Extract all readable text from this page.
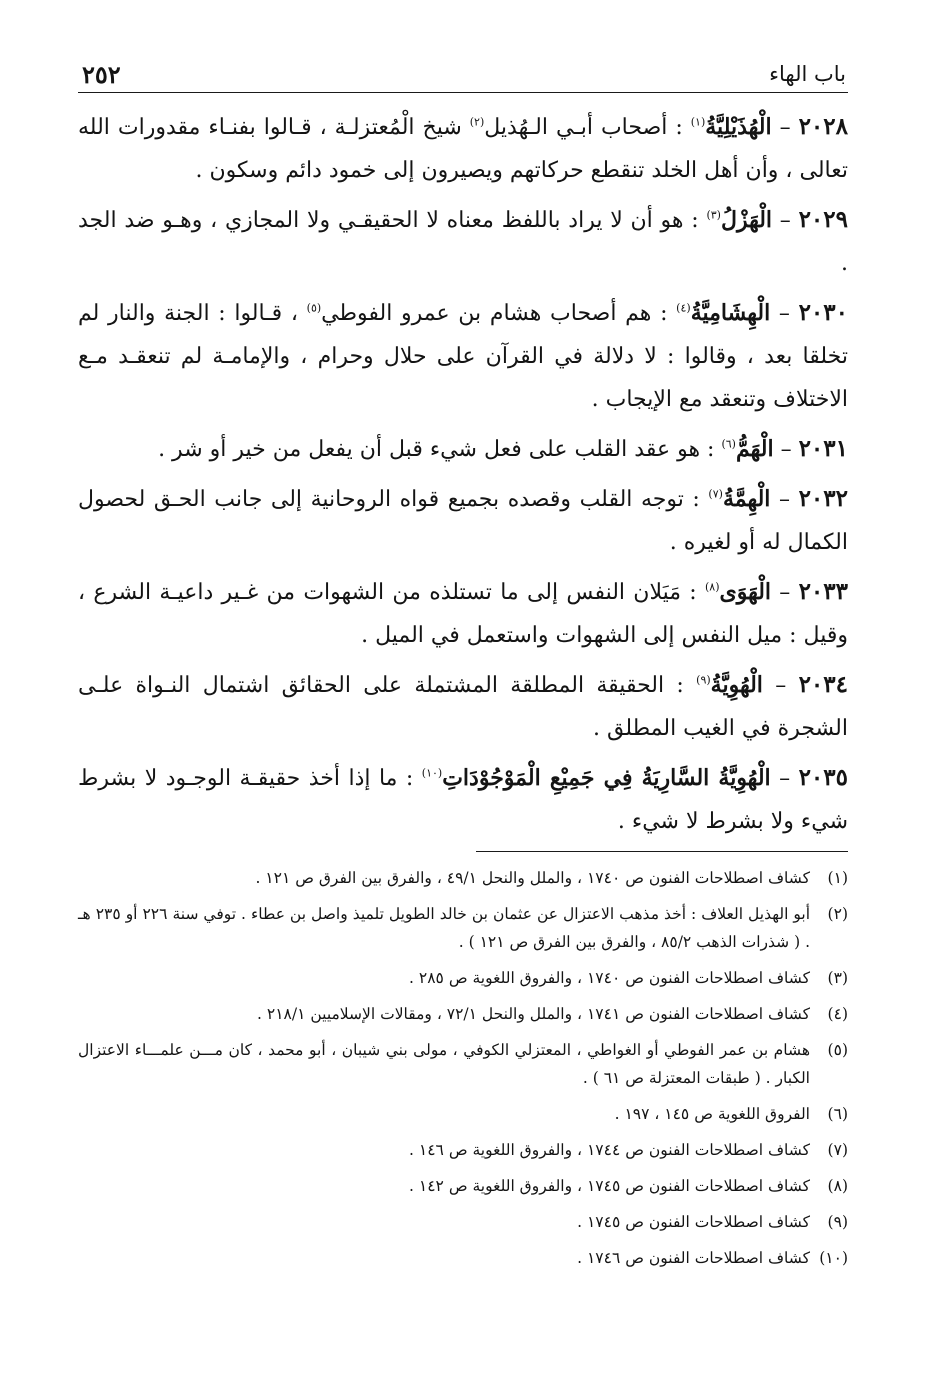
باب الهاء
٢٥٢

٢٠٢٨ – الْهُذَيْلِيَّةُ$^{(١)}$ : أصحاب أبـي الـهُذيل$^{(٢)}$ شيخ الْمُعتزلـة ، قـالوا بفنـاء مقدورات الله تعالى ، وأن أهل الخلد تنقطع حركاتهم ويصيرون إلى خمود دائم وسكون .

٢٠٢٩ – الْهَزْلُ$^{(٣)}$ : هو أن لا يراد باللفظ معناه لا الحقيقـي ولا المجازي ، وهـو ضد الجد .

٢٠٣٠ – الْهِشَامِيَّةُ$^{(٤)}$ : هم أصحاب هشام بن عمرو الفوطي$^{(٥)}$ ، قـالوا : الجنة والنار لم تخلقا بعد ، وقالوا : لا دلالة في القرآن على حلال وحرام ، والإمامـة لم تنعقـد مـع الاختلاف وتنعقد مع الإيجاب .

٢٠٣١ – الْهَمُّ$^{(٦)}$ : هو عقد القلب على فعل شيء قبل أن يفعل من خير أو شر .

٢٠٣٢ – الْهِمَّةُ$^{(٧)}$ : توجه القلب وقصده بجميع قواه الروحانية إلى جانب الحـق لحصول الكمال له أو لغيره .

٢٠٣٣ – الْهَوَى$^{(٨)}$ : مَيَلان النفس إلى ما تستلذه من الشهوات من غـير داعيـة الشرع ، وقيل : ميل النفس إلى الشهوات واستعمل في الميل .

٢٠٣٤ – الْهُوِيَّةُ$^{(٩)}$ : الحقيقة المطلقة المشتملة على الحقائق اشتمال النـواة علـى الشجرة في الغيب المطلق .

٢٠٣٥ – الْهُوِيَّةُ السَّارِيَةُ فِي جَمِيْعِ الْمَوْجُوْدَاتِ$^{(١٠)}$ : ما إذا أخذ حقيقـة الوجـود لا بشرط شيء ولا بشرط لا شيء .

(١)
كشاف اصطلاحات الفنون ص ١٧٤٠ ، والملل والنحل ٤٩/١ ، والفرق بين الفرق ص ١٢١ .
(٢)
أبو الهذيل العلاف : أخذ مذهب الاعتزال عن عثمان بن خالد الطويل تلميذ واصل بن عطاء . توفي سنة ٢٢٦ أو ٢٣٥ هـ . ( شذرات الذهب ٨٥/٢ ، والفرق بين الفرق ص ١٢١ ) .
(٣)
كشاف اصطلاحات الفنون ص ١٧٤٠ ، والفروق اللغوية ص ٢٨٥ .
(٤)
كشاف اصطلاحات الفنون ص ١٧٤١ ، والملل والنحل ٧٢/١ ، ومقالات الإسلاميين ٢١٨/١ .
(٥)
هشام بن عمر الفوطي أو الغواطي ، المعتزلي الكوفي ، مولى بني شيبان ، أبو محمد ، كان مـــن علمـــاء الاعتزال الكبار . ( طبقات المعتزلة ص ٦١ ) .
(٦)
الفروق اللغوية ص ١٤٥ ، ١٩٧ .
(٧)
كشاف اصطلاحات الفنون ص ١٧٤٤ ، والفروق اللغوية ص ١٤٦ .
(٨)
كشاف اصطلاحات الفنون ص ١٧٤٥ ، والفروق اللغوية ص ١٤٢ .
(٩)
كشاف اصطلاحات الفنون ص ١٧٤٥ .
(١٠)
كشاف اصطلاحات الفنون ص ١٧٤٦ .
